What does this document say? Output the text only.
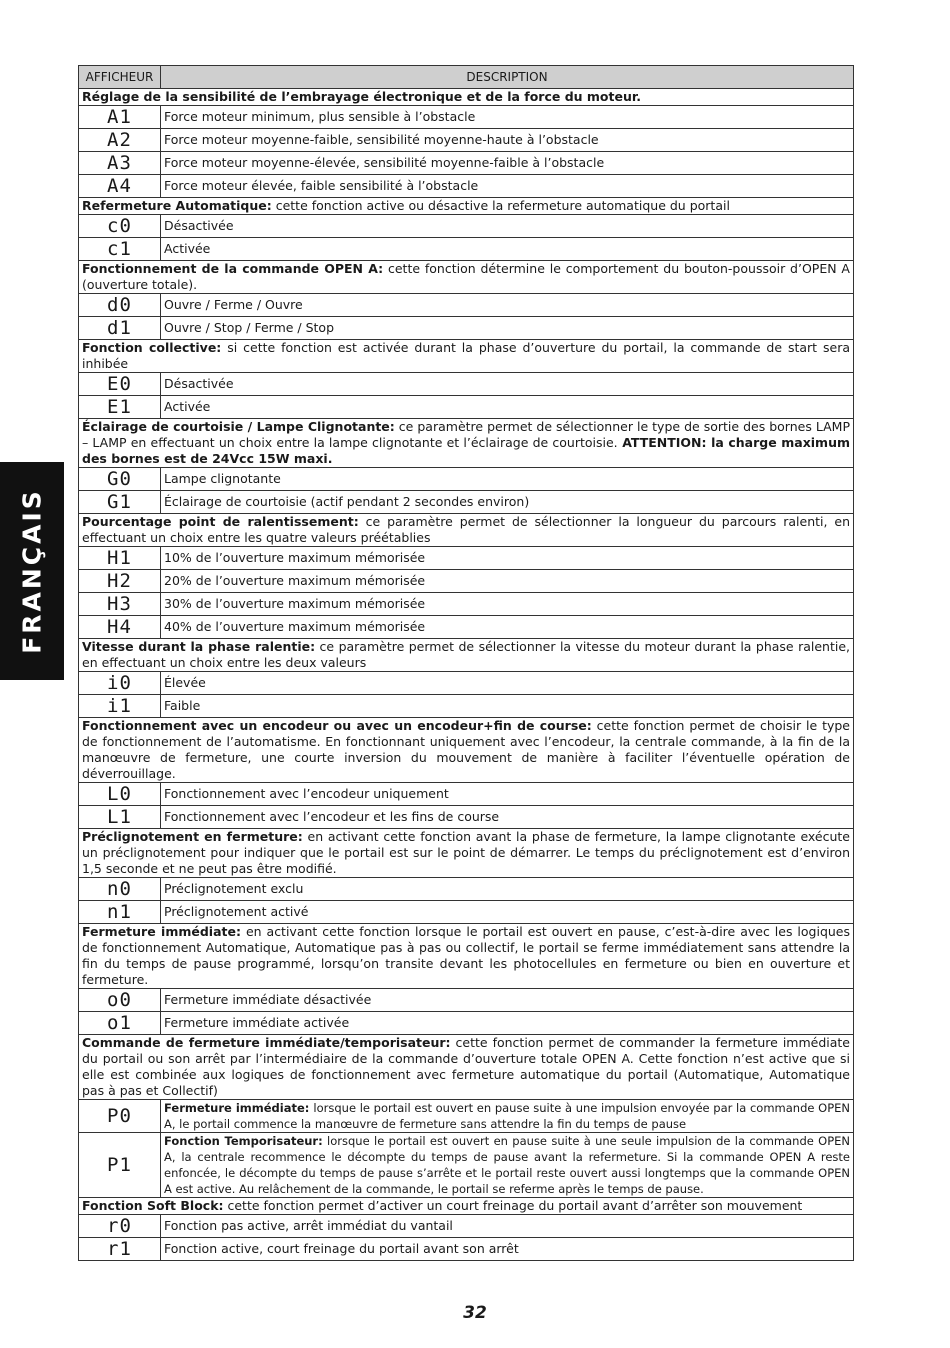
FRANÇAIS
AFFICHEUR	DESCRIPTION
Réglage de la sensibilité de l’embrayage électronique et de la force du moteur.	
A1	Force moteur minimum, plus sensible à l’obstacle
A2	Force moteur moyenne-faible, sensibilité moyenne-haute à l’obstacle
A3	Force moteur moyenne-élevée, sensibilité moyenne-faible à l’obstacle
A4	Force moteur élevée, faible sensibilité à l’obstacle
Refermeture Automatique: cette fonction active ou désactive la refermeture automatique du portail	
c0	Désactivée
c1	Activée
Fonctionnement de la commande OPEN A: cette fonction détermine le comportement du bouton-poussoir d’OPEN A (ouverture totale).	
d0	Ouvre / Ferme / Ouvre
d1	Ouvre / Stop / Ferme / Stop
Fonction collective: si cette fonction est activée durant la phase d’ouverture du portail, la commande de start sera inhibée	
E0	Désactivée
E1	Activée
Éclairage de courtoisie / Lampe Clignotante: ce paramètre permet de sélectionner le type de sortie des bornes LAMP – LAMP en effectuant un choix entre la lampe clignotante et l’éclairage de courtoisie. ATTENTION: la charge maximum des bornes est de 24Vcc 15W maxi.	
G0	Lampe clignotante
G1	Éclairage de courtoisie (actif pendant 2 secondes environ)
Pourcentage point de ralentissement: ce paramètre permet de sélectionner la longueur du parcours ralenti, en effectuant un choix entre les quatre valeurs préétablies	
H1	10% de l’ouverture maximum mémorisée
H2	20% de l’ouverture maximum mémorisée
H3	30% de l’ouverture maximum mémorisée
H4	40% de l’ouverture maximum mémorisée
Vitesse durant la phase ralentie: ce paramètre permet de sélectionner la vitesse du moteur durant la phase ralentie, en effectuant un choix entre les deux valeurs	
i0	Élevée
i1	Faible
Fonctionnement avec un encodeur ou avec un encodeur+fin de course: cette fonction permet de choisir le type de fonctionnement de l’automatisme. En fonctionnant uniquement avec l’encodeur, la centrale commande, à la fin de la manœuvre de fermeture, une courte inversion du mouvement de manière à faciliter l’éventuelle opération de déverrouillage.	
L0	Fonctionnement avec l’encodeur uniquement
L1	Fonctionnement avec l’encodeur et les fins de course
Préclignotement en fermeture: en activant cette fonction avant la phase de fermeture, la lampe clignotante exécute un préclignotement pour indiquer que le portail est sur le point de démarrer. Le temps du préclignotement est d’environ 1,5 seconde et ne peut pas être modifié.	
n0	Préclignotement exclu
n1	Préclignotement activé
Fermeture immédiate: en activant cette fonction lorsque le portail est ouvert en pause, c’est-à-dire avec les logiques de fonctionnement Automatique, Automatique pas à pas ou collectif, le portail se ferme immédiatement sans attendre la fin du temps de pause programmé, lorsqu’on transite devant les photocellules en fermeture ou bien en ouverture et fermeture.	
o0	Fermeture immédiate désactivée
o1	Fermeture immédiate activée
Commande de fermeture immédiate/temporisateur: cette fonction permet de commander la fermeture immédiate du portail ou son arrêt par l’intermédiaire de la commande d’ouverture totale OPEN A. Cette fonction n’est active que si elle est combinée aux logiques de fonctionnement avec fermeture automatique du portail (Automatique, Automatique pas à pas et Collectif)	
P0	Fermeture immédiate: lorsque le portail est ouvert en pause suite à une impulsion envoyée par la commande OPEN A, le portail commence la manœuvre de fermeture sans attendre la fin du temps de pause
P1	Fonction Temporisateur: lorsque le portail est ouvert en pause suite à une seule impulsion de la commande OPEN A, la centrale recommence le décompte du temps de pause avant la refermeture. Si la commande OPEN A reste enfoncée, le décompte du temps de pause s’arrête et le portail reste ouvert aussi longtemps que la commande OPEN A est active. Au relâchement de la commande, le portail se referme après le temps de pause.
Fonction Soft Block: cette fonction permet d’activer un court freinage du portail avant d’arrêter son mouvement	
r0	Fonction pas active, arrêt immédiat du vantail
r1	Fonction active, court freinage du portail avant son arrêt
32
